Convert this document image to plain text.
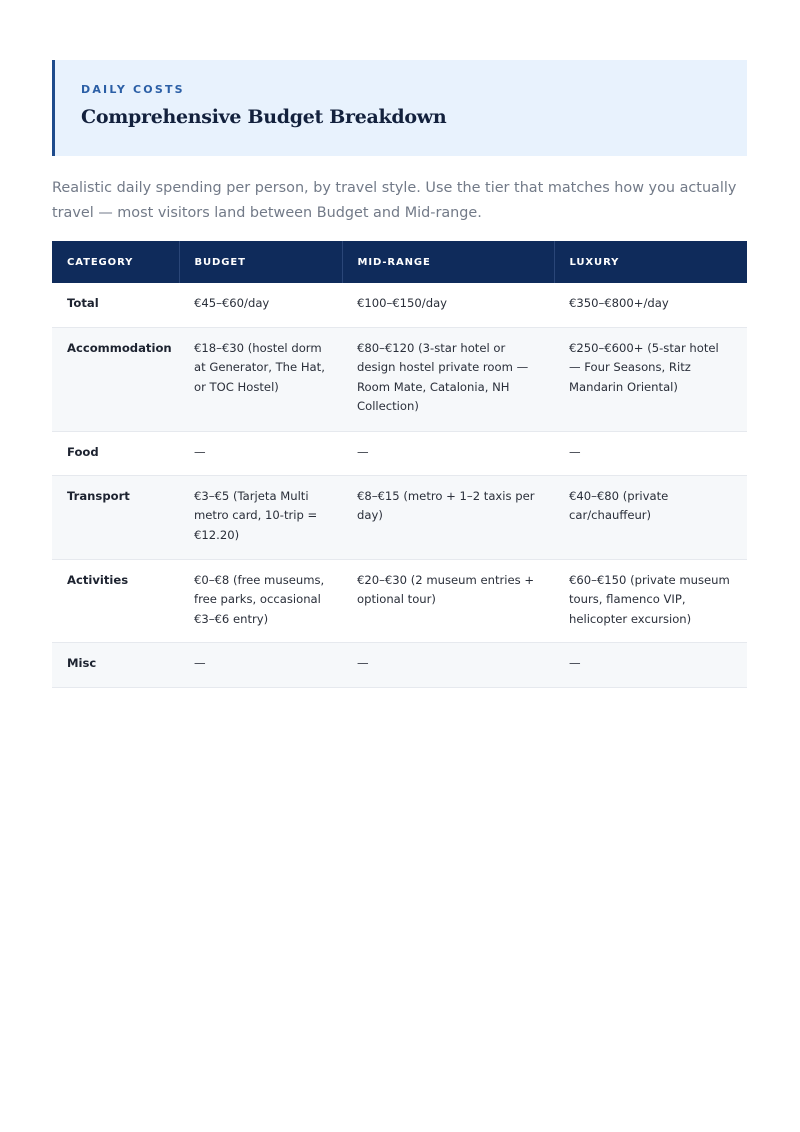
DAILY COSTS
Comprehensive Budget Breakdown
Realistic daily spending per person, by travel style. Use the tier that matches how you actually travel — most visitors land between Budget and Mid-range.
CATEGORY	BUDGET	MID-RANGE	LUXURY
Total	€45–€60/day	€100–€150/day	€350–€800+/day
Accommodation	€18–€30 (hostel dorm at Generator, The Hat, or TOC Hostel)	€80–€120 (3-star hotel or design hostel private room — Room Mate, Catalonia, NH Collection)	€250–€600+ (5-star hotel — Four Seasons, Ritz Mandarin Oriental)
Food	—	—	—
Transport	€3–€5 (Tarjeta Multi metro card, 10-trip = €12.20)	€8–€15 (metro + 1–2 taxis per day)	€40–€80 (private car/chauffeur)
Activities	€0–€8 (free museums, free parks, occasional €3–€6 entry)	€20–€30 (2 museum entries + optional tour)	€60–€150 (private museum tours, flamenco VIP, helicopter excursion)
Misc	—	—	—
